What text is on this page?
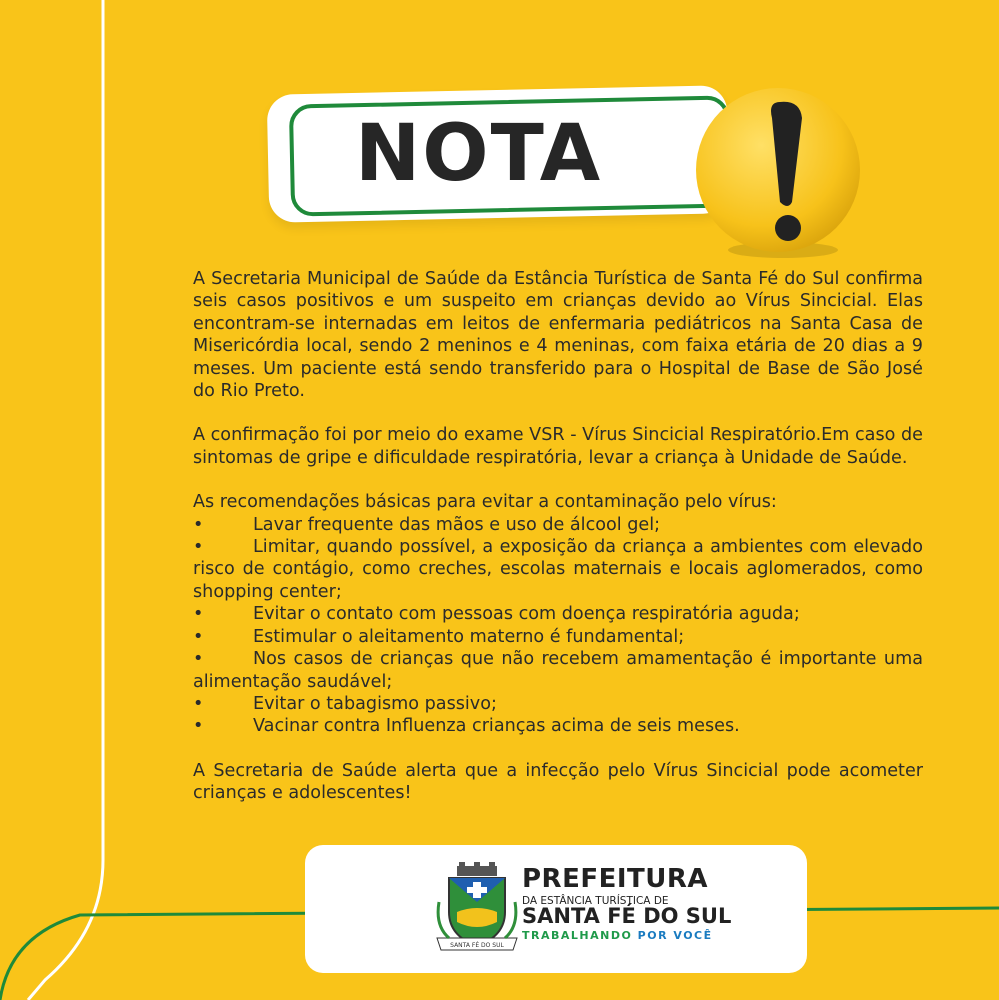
NOTA

A Secretaria Municipal de Saúde da Estância Turística de Santa Fé do Sul confirma seis casos positivos e um suspeito em crianças devido ao Vírus Sincicial. Elas encontram-se internadas em leitos de enfermaria pediátricos na Santa Casa de Misericórdia local, sendo 2 meninos e 4 meninas, com faixa etária de 20 dias a 9 meses. Um paciente está sendo transferido para o Hospital de Base de São José do Rio Preto.

A confirmação foi por meio do exame VSR - Vírus Sincicial Respiratório.Em caso de sintomas de gripe e dificuldade respiratória, levar a criança à Unidade de Saúde.

As recomendações básicas para evitar a contaminação pelo vírus:

•	Lavar frequente das mãos e uso de álcool gel;

•	Limitar, quando possível, a exposição da criança a ambientes com elevado risco de contágio, como creches, escolas maternais e locais aglomerados, como shopping center;

•	Evitar o contato com pessoas com doença respiratória aguda;
•	Estimular o aleitamento materno é fundamental;

•	Nos casos de crianças que não recebem amamentação é importante uma alimentação saudável;

•	Evitar o tabagismo passivo;
•	Vacinar contra Influenza crianças acima de seis meses.

A Secretaria de Saúde alerta que a infecção pelo Vírus Sincicial pode acometer crianças e adolescentes!

SANTA FÉ DO SUL
PREFEITURA
DA ESTÂNCIA TURÍSTICA DE
SANTA FÉ DO SUL
TRABALHANDO POR VOCÊ
